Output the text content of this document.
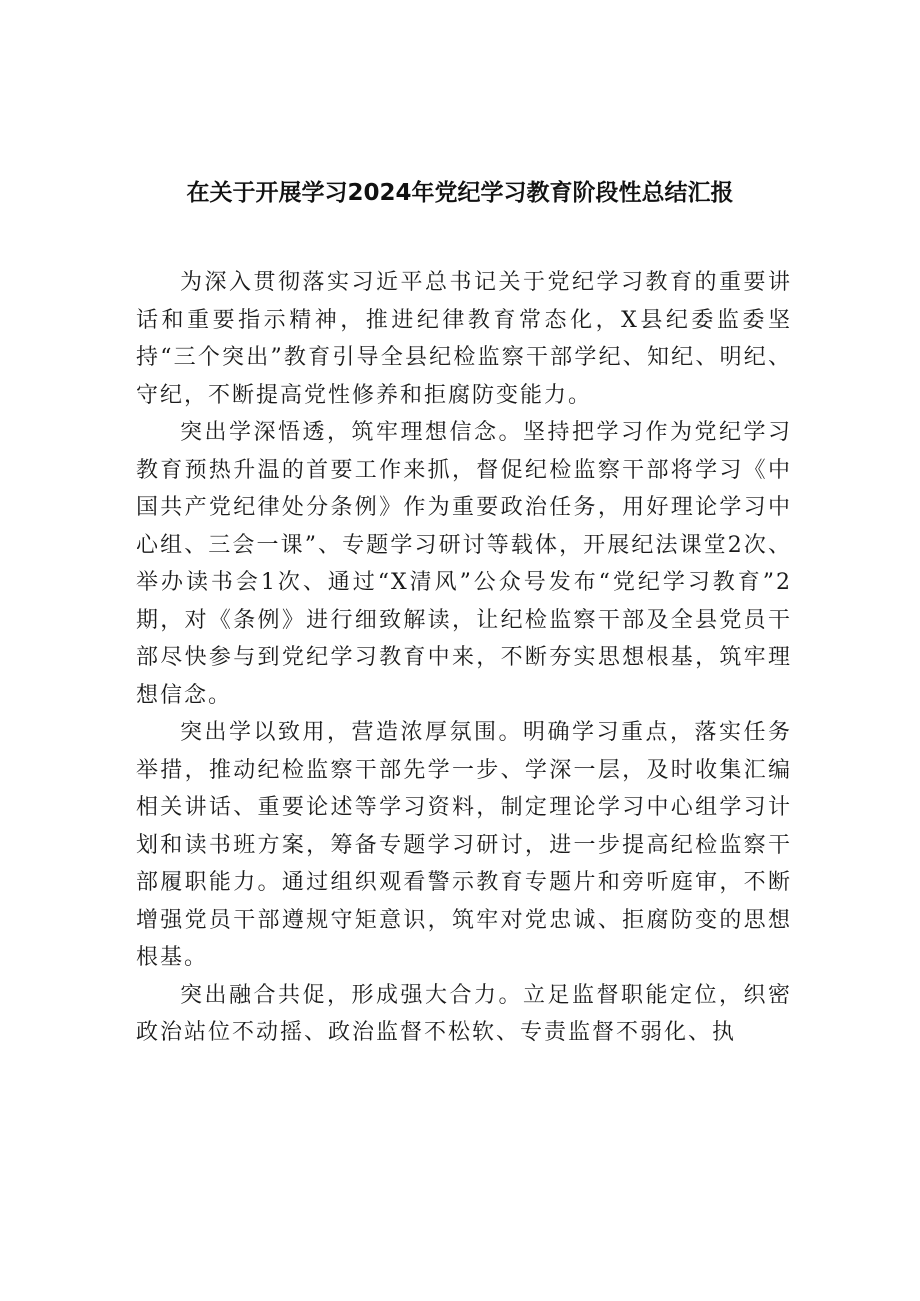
在关于开展学习2024年党纪学习教育阶段性总结汇报

为深入贯彻落实习近平总书记关于党纪学习教育的重要讲话和重要指示精神，推进纪律教育常态化，X县纪委监委坚持“三个突出”教育引导全县纪检监察干部学纪、知纪、明纪、守纪，不断提高党性修养和拒腐防变能力。

突出学深悟透，筑牢理想信念。坚持把学习作为党纪学习教育预热升温的首要工作来抓，督促纪检监察干部将学习《中国共产党纪律处分条例》作为重要政治任务，用好理论学习中心组、三会一课”、专题学习研讨等载体，开展纪法课堂2次、举办读书会1次、通过“X清风”公众号发布“党纪学习教育”2期，对《条例》进行细致解读，让纪检监察干部及全县党员干部尽快参与到党纪学习教育中来，不断夯实思想根基，筑牢理想信念。

突出学以致用，营造浓厚氛围。明确学习重点，落实任务举措，推动纪检监察干部先学一步、学深一层，及时收集汇编相关讲话、重要论述等学习资料，制定理论学习中心组学习计划和读书班方案，筹备专题学习研讨，进一步提高纪检监察干部履职能力。通过组织观看警示教育专题片和旁听庭审，不断增强党员干部遵规守矩意识，筑牢对党忠诚、拒腐防变的思想根基。

突出融合共促，形成强大合力。立足监督职能定位，织密政治站位不动摇、政治监督不松软、专责监督不弱化、执
